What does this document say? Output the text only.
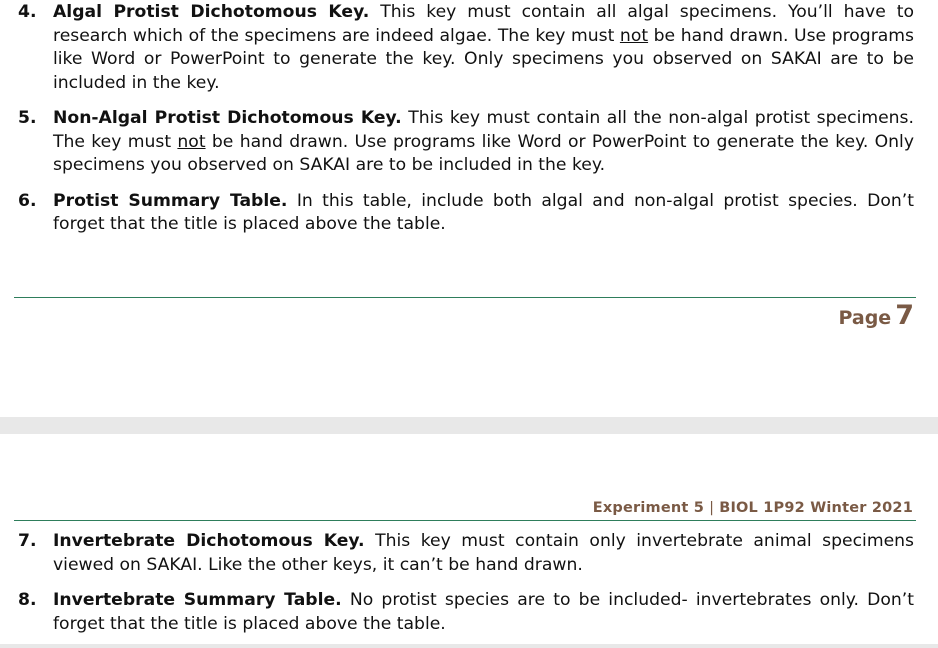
4. Algal Protist Dichotomous Key. This key must contain all algal specimens. You’ll have to research which of the specimens are indeed algae. The key must not be hand drawn. Use programs like Word or PowerPoint to generate the key. Only specimens you observed on SAKAI are to be included in the key.
5. Non-Algal Protist Dichotomous Key. This key must contain all the non-algal protist specimens. The key must not be hand drawn. Use programs like Word or PowerPoint to generate the key. Only specimens you observed on SAKAI are to be included in the key.
6. Protist Summary Table. In this table, include both algal and non-algal protist species. Don’t forget that the title is placed above the table.
Page 7
Experiment 5 | BIOL 1P92 Winter 2021
7. Invertebrate Dichotomous Key. This key must contain only invertebrate animal specimens viewed on SAKAI. Like the other keys, it can’t be hand drawn.
8. Invertebrate Summary Table. No protist species are to be included- invertebrates only. Don’t forget that the title is placed above the table.
